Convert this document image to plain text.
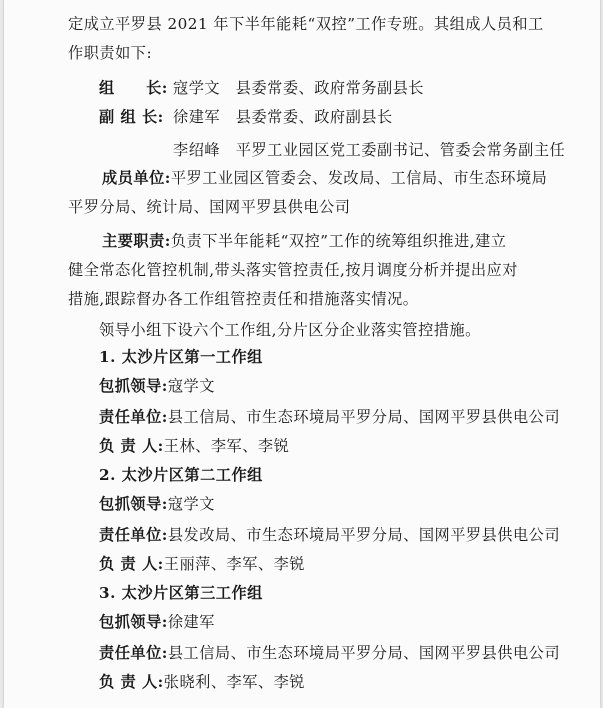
定成立平罗县 2021 年下半年能耗“双控”工作专班。其组成人员和工
作职责如下:
组　　长: 寇学文　县委常委、政府常务副县长
副 组 长: 徐建军　县委常委、政府副县长
李绍峰　平罗工业园区党工委副书记、管委会常务副主任
成员单位:平罗工业园区管委会、发改局、工信局、市生态环境局
平罗分局、统计局、国网平罗县供电公司
主要职责:负责下半年能耗“双控”工作的统筹组织推进,建立
健全常态化管控机制,带头落实管控责任,按月调度分析并提出应对
措施,跟踪督办各工作组管控责任和措施落实情况。
领导小组下设六个工作组,分片区分企业落实管控措施。
1. 太沙片区第一工作组
包抓领导:寇学文
责任单位:县工信局、市生态环境局平罗分局、国网平罗县供电公司
负 责 人:王林、李军、李锐
2. 太沙片区第二工作组
包抓领导:寇学文
责任单位:县发改局、市生态环境局平罗分局、国网平罗县供电公司
负 责 人:王丽萍、李军、李锐
3. 太沙片区第三工作组
包抓领导:徐建军
责任单位:县工信局、市生态环境局平罗分局、国网平罗县供电公司
负 责 人:张晓利、李军、李锐
